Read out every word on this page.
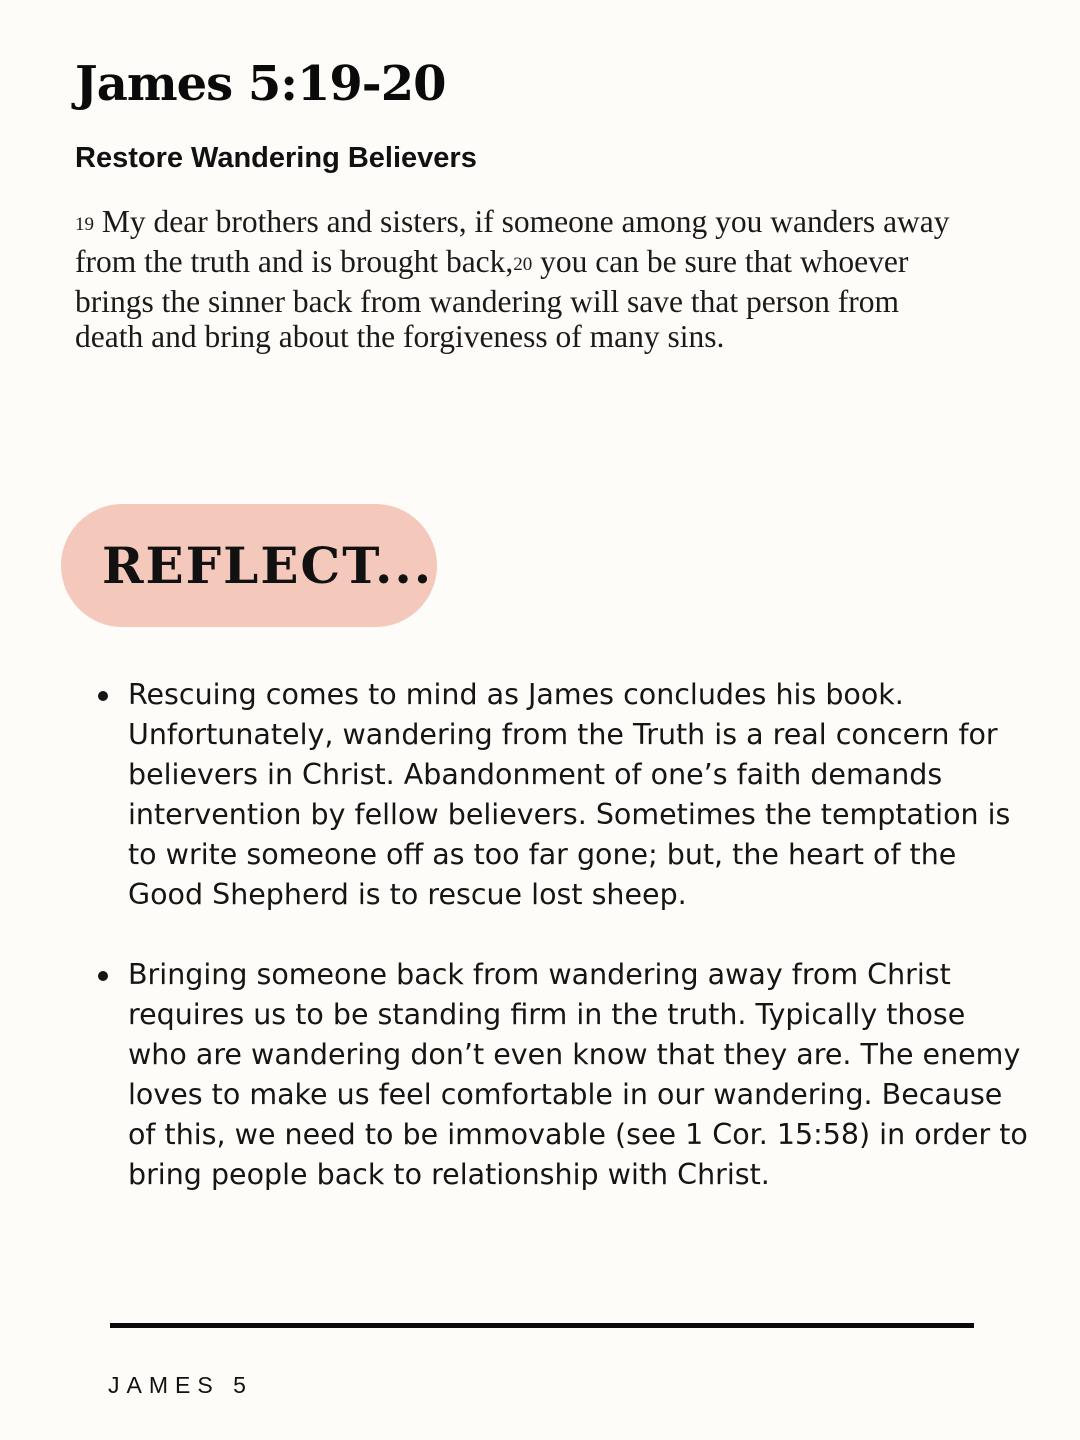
James 5:19-20
Restore Wandering Believers

$^{19}$ My dear brothers and sisters, if someone among you wanders away from the truth and is brought back,$^{20}$ you can be sure that whoever brings the sinner back from wandering will save that person from death and bring about the forgiveness of many sins.

REFLECT...
Rescuing comes to mind as James concludes his book. Unfortunately, wandering from the Truth is a real concern for believers in Christ. Abandonment of one’s faith demands intervention by fellow believers. Sometimes the temptation is to write someone off as too far gone; but, the heart of the Good Shepherd is to rescue lost sheep.
Bringing someone back from wandering away from Christ requires us to be standing firm in the truth. Typically those who are wandering don’t even know that they are. The enemy loves to make us feel comfortable in our wandering. Because of this, we need to be immovable (see 1 Cor. 15:58) in order to bring people back to relationship with Christ.

JAMES 5
